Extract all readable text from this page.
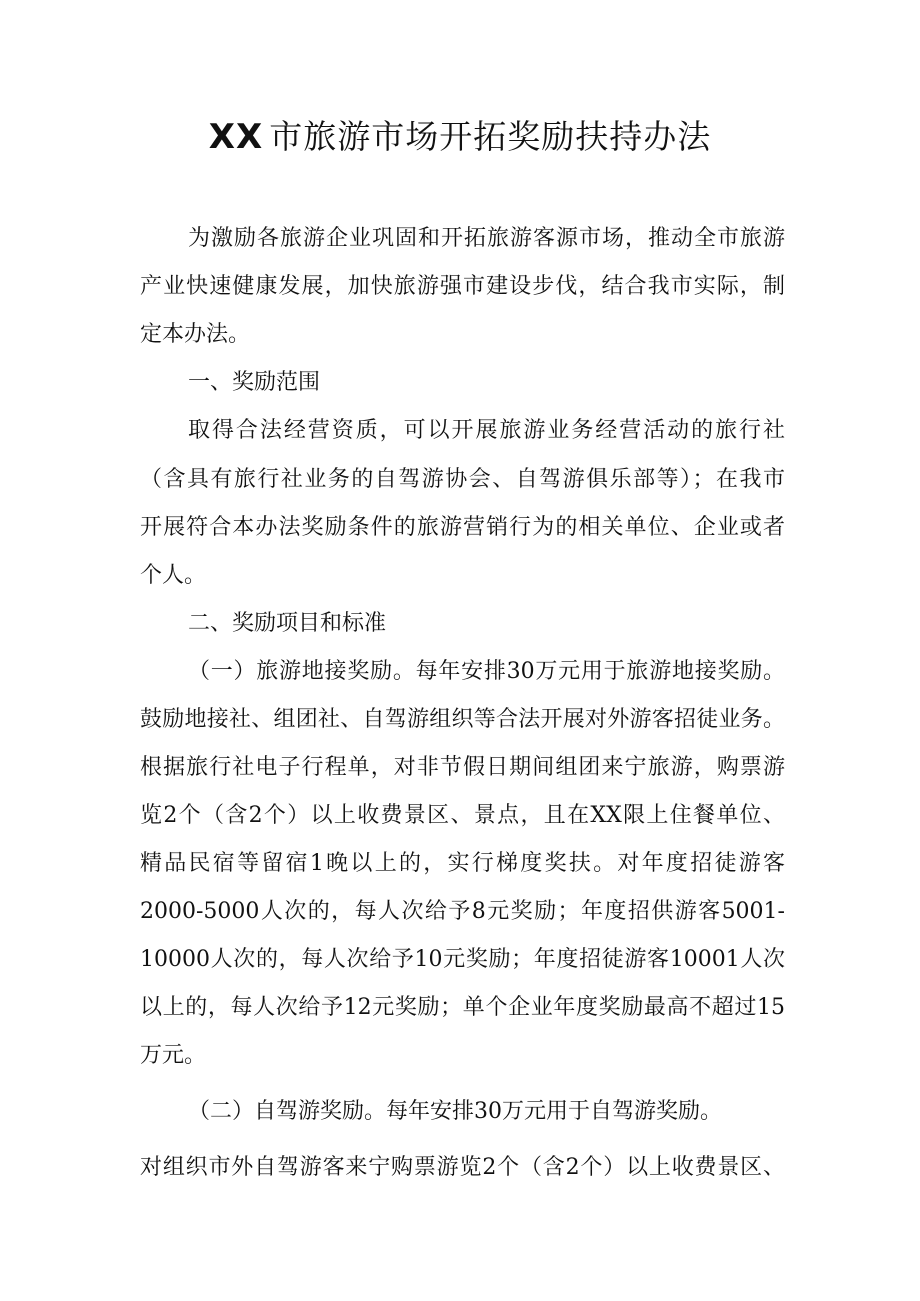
XX 市旅游市场开拓奖励扶持办法
为激励各旅游企业巩固和开拓旅游客源市场，推动全市旅游
产业快速健康发展，加快旅游强市建设步伐，结合我市实际，制
定本办法。
一、奖励范围
取得合法经营资质，可以开展旅游业务经营活动的旅行社
（含具有旅行社业务的自驾游协会、自驾游俱乐部等）；在我市
开展符合本办法奖励条件的旅游营销行为的相关单位、企业或者
个人。
二、奖励项目和标准
（一）旅游地接奖励。每年安排30万元用于旅游地接奖励。
鼓励地接社、组团社、自驾游组织等合法开展对外游客招徒业务。
根据旅行社电子行程单，对非节假日期间组团来宁旅游，购票游
览2个（含2个）以上收费景区、景点，且在XX限上住餐单位、
精品民宿等留宿1晚以上的，实行梯度奖扶。对年度招徒游客
2000-5000人次的，每人次给予8元奖励；年度招供游客5001-
10000人次的，每人次给予10元奖励；年度招徒游客10001人次
以上的，每人次给予12元奖励；单个企业年度奖励最高不超过15
万元。
（二）自驾游奖励。每年安排30万元用于自驾游奖励。
对组织市外自驾游客来宁购票游览2个（含2个）以上收费景区、
